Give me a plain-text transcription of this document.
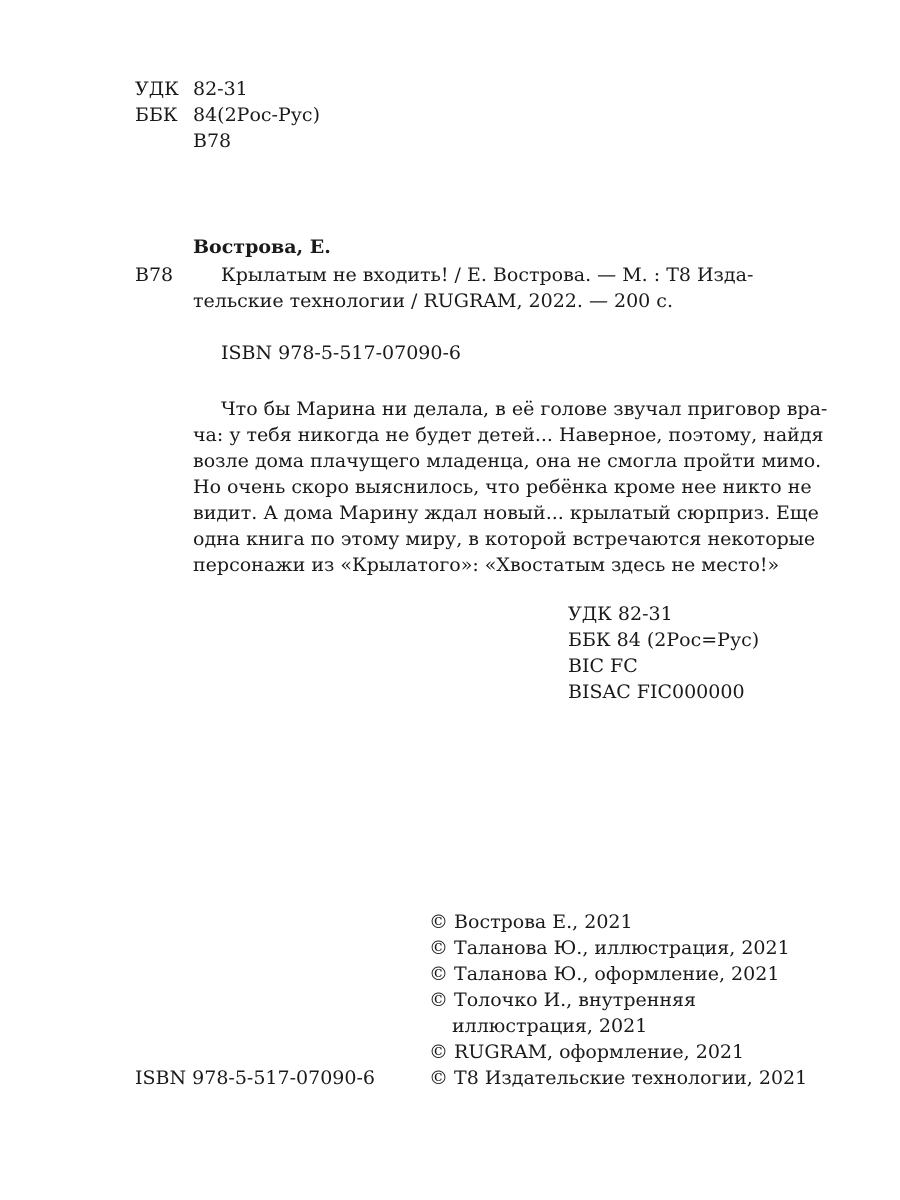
УДК 82-31
ББК 84(2Рос-Рус)
В78
Вострова, Е.
В78	Крылатым не входить! / Е. Вострова. — М. : Т8 Изда-
тельские технологии / RUGRAM, 2022. — 200 с.
ISBN 978-5-517-07090-6
Что бы Марина ни делала, в её голове звучал приговор вра-
ча: у тебя никогда не будет детей... Наверное, поэтому, найдя
возле дома плачущего младенца, она не смогла пройти мимо.
Но очень скоро выяснилось, что ребёнка кроме нее никто не
видит. А дома Марину ждал новый... крылатый сюрприз. Еще
одна книга по этому миру, в которой встречаются некоторые
персонажи из «Крылатого»: «Хвостатым здесь не место!»
УДК 82-31
ББК 84 (2Рос=Рус)
BIC FC
BISAC FIC000000
© Вострова Е., 2021
© Таланова Ю., иллюстрация, 2021
© Таланова Ю., оформление, 2021
© Толочко И., внутренняя
иллюстрация, 2021
© RUGRAM, оформление, 2021
© Т8 Издательские технологии, 2021
ISBN 978-5-517-07090-6
